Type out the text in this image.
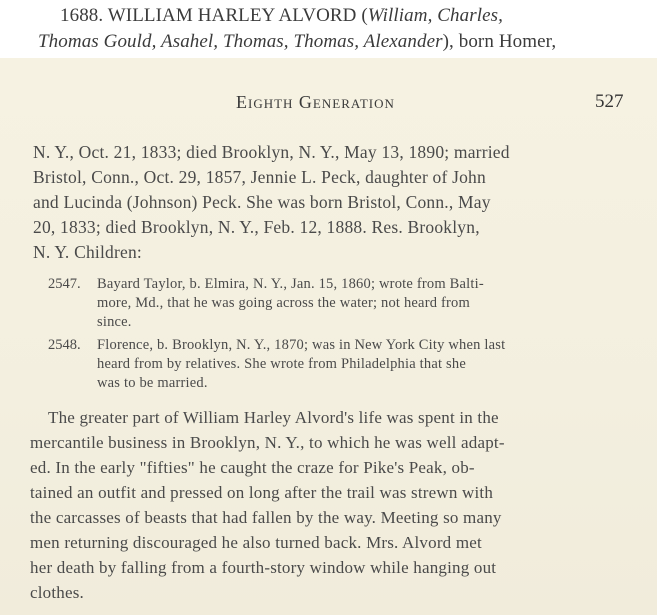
1688. WILLIAM HARLEY ALVORD (William, Charles,
Thomas Gould, Asahel, Thomas, Thomas, Alexander), born Homer,
Eighth Generation	527
N. Y., Oct. 21, 1833; died Brooklyn, N. Y., May 13, 1890; married
Bristol, Conn., Oct. 29, 1857, Jennie L. Peck, daughter of John
and Lucinda (Johnson) Peck. She was born Bristol, Conn., May
20, 1833; died Brooklyn, N. Y., Feb. 12, 1888. Res. Brooklyn,
N. Y. Children:
2547. Bayard Taylor, b. Elmira, N. Y., Jan. 15, 1860; wrote from Balti-
more, Md., that he was going across the water; not heard from
since.
2548. Florence, b. Brooklyn, N. Y., 1870; was in New York City when last
heard from by relatives. She wrote from Philadelphia that she
was to be married.
The greater part of William Harley Alvord's life was spent in the
mercantile business in Brooklyn, N. Y., to which he was well adapt-
ed. In the early "fifties" he caught the craze for Pike's Peak, ob-
tained an outfit and pressed on long after the trail was strewn with
the carcasses of beasts that had fallen by the way. Meeting so many
men returning discouraged he also turned back. Mrs. Alvord met
her death by falling from a fourth-story window while hanging out
clothes.
